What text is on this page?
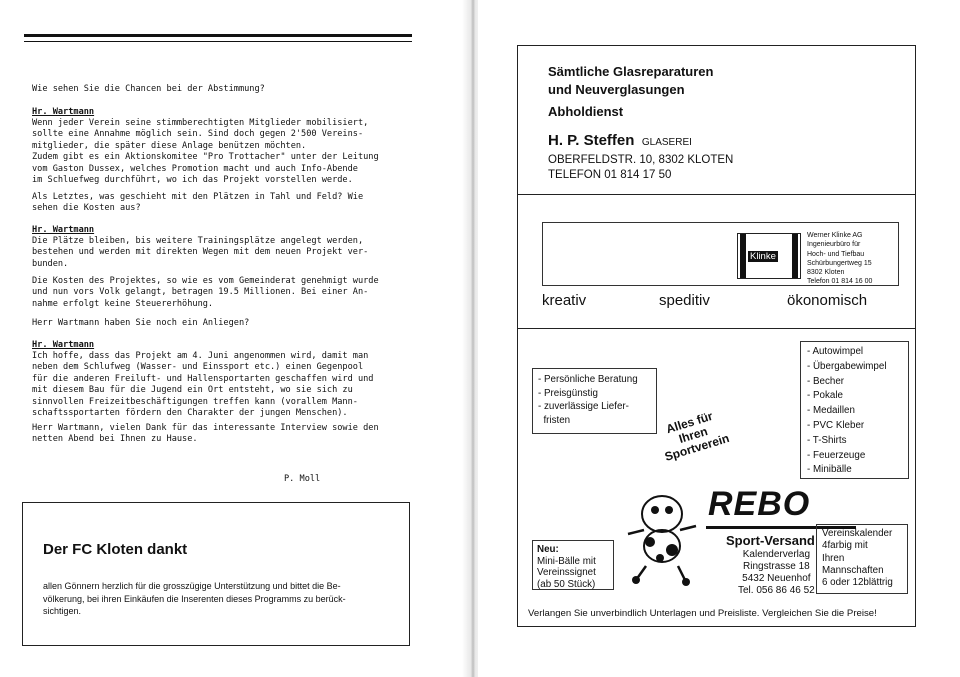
Wie sehen Sie die Chancen bei der Abstimmung?

Hr. Wartmann

Wenn jeder Verein seine stimmberechtigten Mitglieder mobilisiert,
sollte eine Annahme möglich sein. Sind doch gegen 2'500 Vereins-
mitglieder, die später diese Anlage benützen möchten.
Zudem gibt es ein Aktionskomitee "Pro Trottacher" unter der Leitung
vom Gaston Dussex, welches Promotion macht und auch Info-Abende
im Schluefweg durchführt, wo ich das Projekt vorstellen werde.

Als Letztes, was geschieht mit den Plätzen in Tahl und Feld? Wie
sehen die Kosten aus?

Hr. Wartmann

Die Plätze bleiben, bis weitere Trainingsplätze angelegt werden,
bestehen und werden mit direkten Wegen mit dem neuen Projekt ver-
bunden.

Die Kosten des Projektes, so wie es vom Gemeinderat genehmigt wurde
und nun vors Volk gelangt, betragen 19.5 Millionen. Bei einer An-
nahme erfolgt keine Steuererhöhung.

Herr Wartmann haben Sie noch ein Anliegen?

Hr. Wartmann

Ich hoffe, dass das Projekt am 4. Juni angenommen wird, damit man
neben dem Schlufweg (Wasser- und Einssport etc.) einen Gegenpool
für die anderen Freiluft- und Hallensportarten geschaffen wird und
mit diesem Bau für die Jugend ein Ort entsteht, wo sie sich zu
sinnvollen Freizeitbeschäftigungen treffen kann (vorallem Mann-
schaftssportarten fördern den Charakter der jungen Menschen).

Herr Wartmann, vielen Dank für das interessante Interview sowie den
netten Abend bei Ihnen zu Hause.

P. Moll

Der FC Kloten dankt
allen Gönnern herzlich für die grosszügige Unterstützung und bittet die Be-
völkerung, bei ihren Einkäufen die Inserenten dieses Programms zu berück-
sichtigen.
Sämtliche Glasreparaturen
und Neuverglasungen
Abholdienst
H. P. Steffen GLASEREI
OBERFELDSTR. 10, 8302 KLOTEN
TELEFON 01 814 17 50
Klinke
Werner Klinke AG
Ingenieurbüro für
Hoch- und Tiefbau
Schürbungertweg 15
8302 Kloten
Telefon 01 814 16 00
kreativ	speditiv	ökonomisch
- Persönliche Beratung
- Preisgünstig
- zuverlässige Liefer-
fristen	Alles für
Ihren
Sportverein
- Autowimpel
- Übergabewimpel
- Becher
- Pokale
- Medaillen
- PVC Kleber
- T-Shirts
- Feuerzeuge
- Minibälle
REBO
Sport-Versand
Kalenderverlag
Ringstrasse 18
5432 Neuenhof
Tel. 056 86 46 52
Neu:
Mini-Bälle mit
Vereinssignet
(ab 50 Stück)
Vereinskalender
4farbig mit
Ihren
Mannschaften
6 oder 12blättrig
Verlangen Sie unverbindlich Unterlagen und Preisliste. Vergleichen Sie die Preise!
